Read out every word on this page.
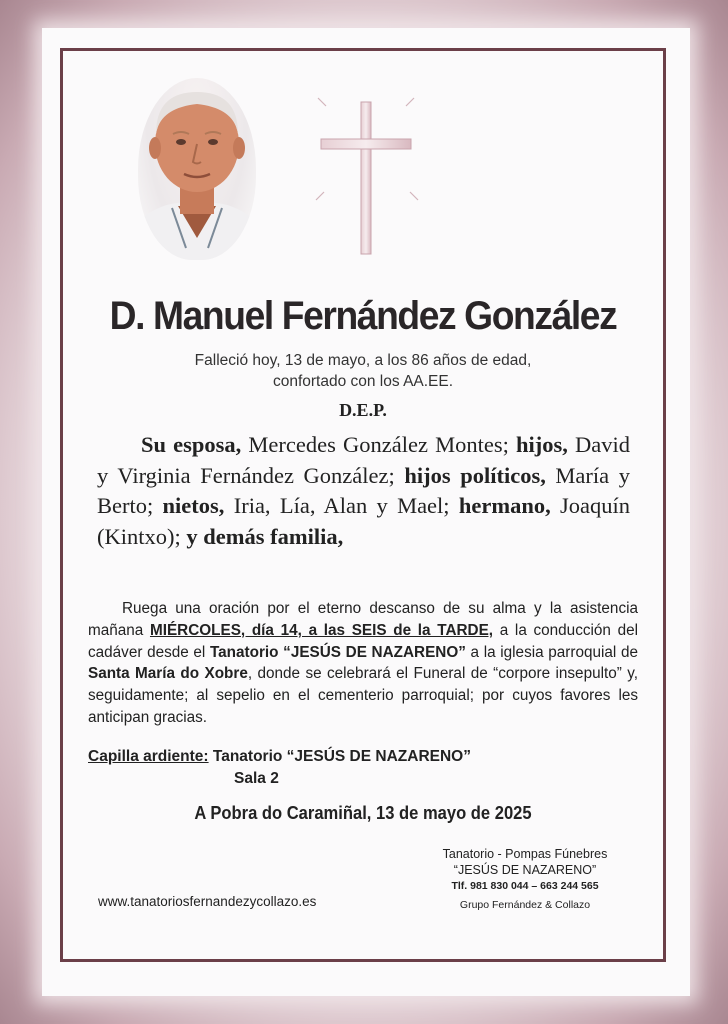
D. Manuel Fernández González
Falleció hoy, 13 de mayo, a los 86 años de edad,
confortado con los AA.EE.
D.E.P.
Su esposa, Mercedes González Montes; hijos, David y Virginia Fernández González; hijos políticos, María y Berto; nietos, Iria, Lía, Alan y Mael; hermano, Joaquín (Kintxo); y demás familia,
Ruega una oración por el eterno descanso de su alma y la asistencia mañana MIÉRCOLES, día 14, a las SEIS de la TARDE, a la conducción del cadáver desde el Tanatorio “JESÚS DE NAZARENO” a la iglesia parroquial de Santa María do Xobre, donde se celebrará el Funeral de “corpore insepulto” y, seguidamente; al sepelio en el cementerio parroquial; por cuyos favores les anticipan gracias.
Capilla ardiente: Tanatorio “JESÚS DE NAZARENO”
Sala 2
A Pobra do Caramiñal, 13 de mayo de 2025
Tanatorio - Pompas Fúnebres
“JESÚS DE NAZARENO”
Tlf. 981 830 044 – 663 244 565
Grupo Fernández & Collazo
www.tanatoriosfernandezycollazo.es
